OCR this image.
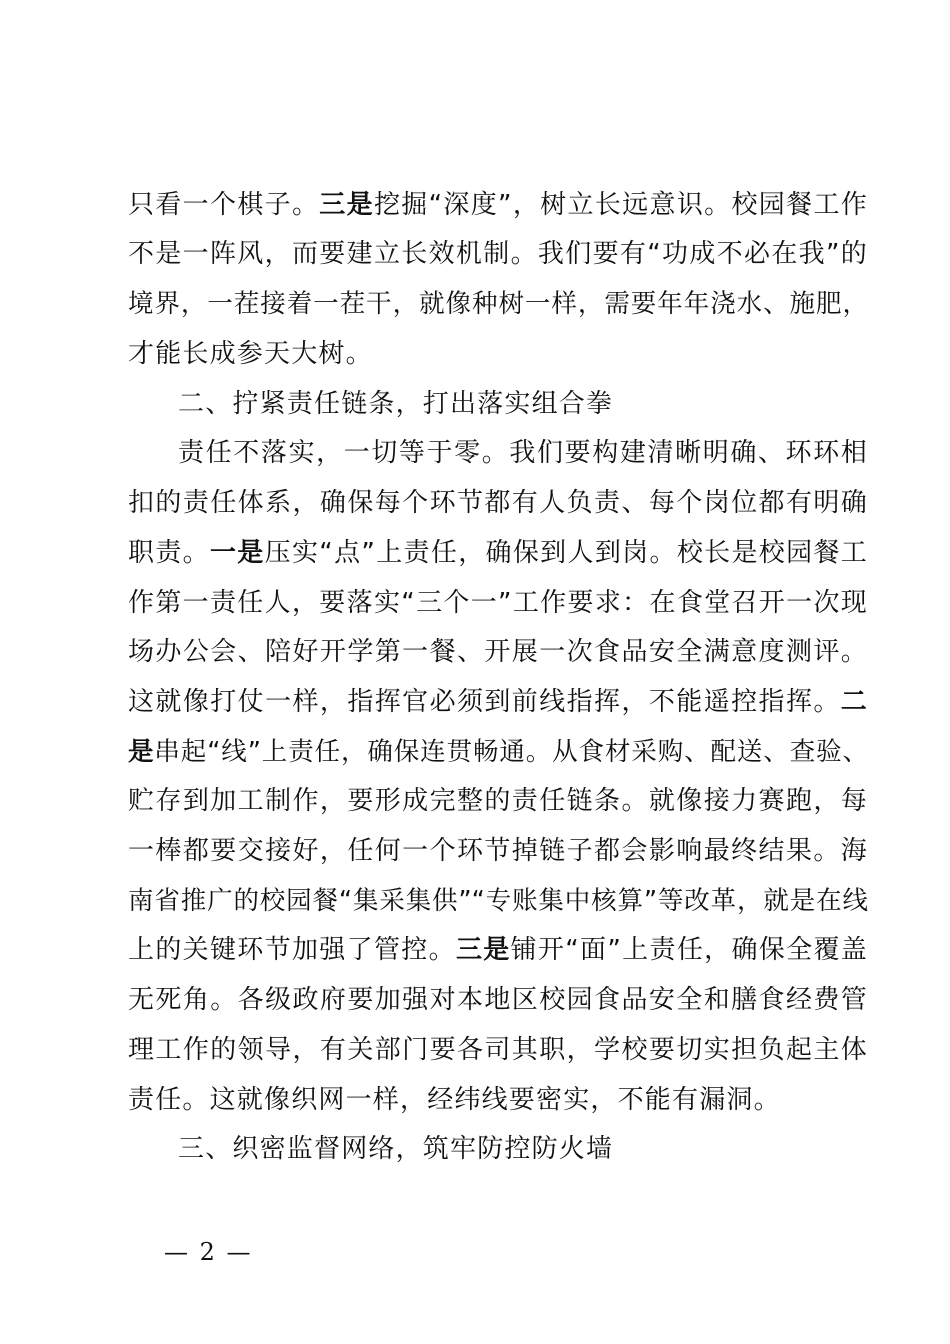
只看一个棋子。三是挖掘“深度”，树立长远意识。校园餐工作
不是一阵风，而要建立长效机制。我们要有“功成不必在我”的
境界，一茬接着一茬干，就像种树一样，需要年年浇水、施肥，
才能长成参天大树。
二、拧紧责任链条，打出落实组合拳
责任不落实，一切等于零。我们要构建清晰明确、环环相
扣的责任体系，确保每个环节都有人负责、每个岗位都有明确
职责。一是压实“点”上责任，确保到人到岗。校长是校园餐工
作第一责任人，要落实“三个一”工作要求：在食堂召开一次现
场办公会、陪好开学第一餐、开展一次食品安全满意度测评。
这就像打仗一样，指挥官必须到前线指挥，不能遥控指挥。二
是串起“线”上责任，确保连贯畅通。从食材采购、配送、查验、
贮存到加工制作，要形成完整的责任链条。就像接力赛跑，每
一棒都要交接好，任何一个环节掉链子都会影响最终结果。海
南省推广的校园餐“集采集供”“专账集中核算”等改革，就是在线
上的关键环节加强了管控。三是铺开“面”上责任，确保全覆盖
无死角。各级政府要加强对本地区校园食品安全和膳食经费管
理工作的领导，有关部门要各司其职，学校要切实担负起主体
责任。这就像织网一样，经纬线要密实，不能有漏洞。
三、织密监督网络，筑牢防控防火墙
— 2 —
